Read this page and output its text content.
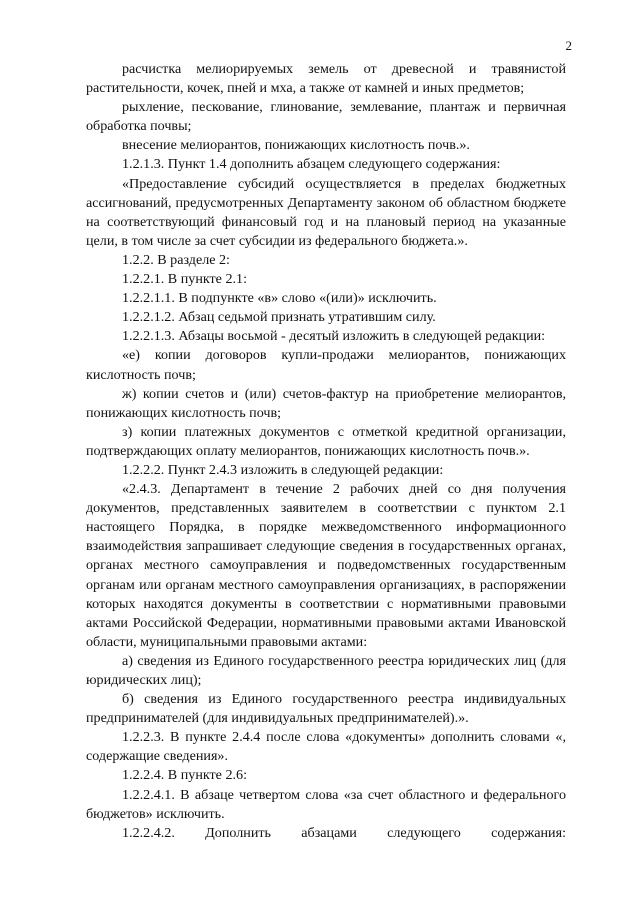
2

расчистка мелиорируемых земель от древесной и травянистой растительности, кочек, пней и мха, а также от камней и иных предметов;

рыхление, пескование, глинование, землевание, плантаж и первичная обработка почвы;

внесение мелиорантов, понижающих кислотность почв.».

1.2.1.3. Пункт 1.4 дополнить абзацем следующего содержания:

«Предоставление субсидий осуществляется в пределах бюджетных ассигнований, предусмотренных Департаменту законом об областном бюджете на соответствующий финансовый год и на плановый период на указанные цели, в том числе за счет субсидии из федерального бюджета.».

1.2.2. В разделе 2:

1.2.2.1. В пункте 2.1:

1.2.2.1.1. В подпункте «в» слово «(или)» исключить.

1.2.2.1.2. Абзац седьмой признать утратившим силу.

1.2.2.1.3. Абзацы восьмой - десятый изложить в следующей редакции:

«е) копии договоров купли-продажи мелиорантов, понижающих кислотность почв;

ж) копии счетов и (или) счетов-фактур на приобретение мелиорантов, понижающих кислотность почв;

з) копии платежных документов с отметкой кредитной организации, подтверждающих оплату мелиорантов, понижающих кислотность почв.».

1.2.2.2. Пункт 2.4.3 изложить в следующей редакции:

«2.4.3. Департамент в течение 2 рабочих дней со дня получения документов, представленных заявителем в соответствии с пунктом 2.1 настоящего Порядка, в порядке межведомственного информационного взаимодействия запрашивает следующие сведения в государственных органах, органах местного самоуправления и подведомственных государственным органам или органам местного самоуправления организациях, в распоряжении которых находятся документы в соответствии с нормативными правовыми актами Российской Федерации, нормативными правовыми актами Ивановской области, муниципальными правовыми актами:

а) сведения из Единого государственного реестра юридических лиц (для юридических лиц);

б) сведения из Единого государственного реестра индивидуальных предпринимателей (для индивидуальных предпринимателей).».

1.2.2.3. В пункте 2.4.4 после слова «документы» дополнить словами «, содержащие сведения».

1.2.2.4. В пункте 2.6:

1.2.2.4.1. В абзаце четвертом слова «за счет областного и федерального бюджетов» исключить.

1.2.2.4.2. Дополнить абзацами следующего содержания:
